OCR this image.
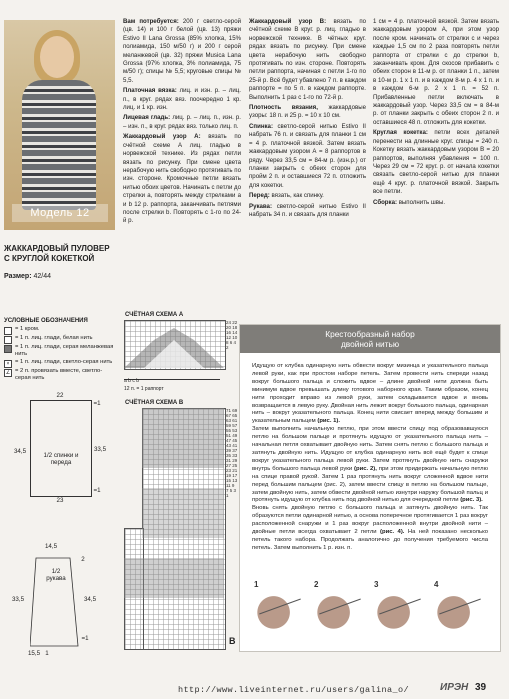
Модель 12
ЖАККАРДОВЫЙ ПУЛОВЕР С КРУГЛОЙ КОКЕТКОЙ
Размер: 42/44

Вам потребуется: 200 г светло-серой (цв. 14) и 100 г белой (цв. 13) пряжи Estivo II Lana Grossa (85% хлопка, 15% полиамида, 150 м/50 г) и 200 г серой меланжевой (цв. 32) пряжи Musica Lana Grossa (97% хлопка, 3% полиамида, 75 м/50 г); спицы № 5,5; круговые спицы № 5,5.

Платочная вязка: лиц. и изн. р. – лиц. п., в круг. рядах вяз. поочередно 1 кр. лиц. и 1 кр. изн.

Лицевая гладь: лиц. р. – лиц. п., изн. р. – изн. п., в круг. рядах вяз. только лиц. п.

Жаккардовый узор А: вязать по счётной схеме А лиц. гладью в норвежской технике. Из рядах петли вязать по рисунку. При смене цвета нерабочую нить свободно протягивать по изн. стороне. Кромочные петли вязать нитью обоих цветов. Начинать с петли до стрелки а, повторять между стрелками а и b 12 р. раппорта, заканчивать петлями после стрелки b. Повторять с 1-го по 24-й р.

Жаккардовый узор В: вязать по счётной схеме В круг. р. лиц. гладью в норвежской технике. В чётных круг. рядах вязать по рисунку. При смене цвета нерабочую нить свободно протягивать по изн. стороне. Повторять петли раппорта, начиная с петли 1-го по 25-й р. Всё будет убавлено 7 п. в каждом раппорте = по 5 п. в каждом раппорте. Выполнить 1 раз с 1-го по 72-й р.

Плотность вязания, жаккардовые узоры: 18 п. и 25 р. = 10 х 10 см.

Спинка: светло-серой нитью Estivo II набрать 76 п. и связать для планки 1 см = 4 р. платочной вязкой. Затем вязать жаккардовым узором А = 8 раппортов в ряду. Через 33,5 см = 84-м р. (изн.р.) от планки закрыть с обеих сторон для пройм 2 п. и оставшиеся 72 п. отложить для кокетки.

Перед: вязать, как спинку.

Рукава: светло-серой нитью Estivo II набрать 34 п. и связать для планки

1 см = 4 р. платочной вязкой. Затем вязать жаккардовым узором А, при этом узор после кром. начинать от стрелки с и через каждые 1,5 см по 2 раза повторять петли раппорта от стрелки с до стрелки b, заканчивать кром. Для скосов прибавить с обеих сторон в 11-м р. от планки 1 п., затем в 10-м р. 1 х 1 п. и в каждом 8-м р. 4 х 1 п. и в каждом 6-м р. 2 х 1 п. = 52 п. Прибавленные петли включать в жаккардовый узор. Через 33,5 см = в 84-м р. от планки закрыть с обеих сторон 2 п. и оставшиеся 48 п. отложить для кокетки.

Круглая кокетка: петли всех деталей перенести на длинные круг. спицы = 240 п. Кокетку вязать жаккардовым узором В = 20 раппортов, выполняя убавления = 100 п. Через 29 см = 72 круг. р. от начала кокетки связать светло-серой нитью для планки ещё 4 круг. р. платочной вязкой. Закрыть все петли.

Сборка: выполнить швы.

УСЛОВНЫЕ ОБОЗНАЧЕНИЯ
= 1 кром.
= 1 п. лиц. глади, белая нить
= 1 п. лиц. глади, серая меланжевая нить
× = 1 п. лиц. глади, светло-серая нить
∠ = 2 п. провязать вместе, светло-серая нить
СЧЁТНАЯ СХЕМА А
24 22 20 18 16 14 12 10 8 6 4 2
a b c b
12 п. = 1 раппорт
СЧЁТНАЯ СХЕМА В
71 69 67 65 63 61 59 57 55 53 51 49 47 45 43 41 39 37 35 33 31 29 27 25 23 21 19 17 15 13 11 9 7 5 3 1
B
22
34,5	33,5
1/2 спинки и переда
23
=1
=1
14,5
33,5	34,5
1/2 рукава
15,5 1
=1
2
Крестообразный набор
двойной нитью
Идущую от клубка одинарную нить обвести вокруг мизинца и указательного пальца левой руки, как при простом наборе петель. Затем провести нить спереди назад вокруг большого пальца и сложить вдвое – длине двойной нити должна быть минимум вдвое превышать длину готового наборного края. Таким образом, конец нити проходит вправо из левой руки, затем складывается вдвое и вновь возвращается в левую руку. Двойная нить лежит вокруг большого пальца, одинарная нить – вокруг указательного пальца. Конец нити свисает вперед между большим и указательным пальцем (рис. 1).
Затем выполнить начальную петлю, при этом ввести спицу под образовавшуюся петлю на большом пальце и протянуть идущую от указательного пальца нить – начальная петля охватывает двойную нить. Затем снять петлю с большого пальца и затянуть двойную нить. Идущую от клубка одинарную нить всё ещё будет к спице вокруг указательного пальца левой руки. Затем протянуть двойную нить снаружи внутрь большого пальца левой руки (рис. 2), при этом придержать начальную петлю на спице правой рукой. Затем 1 раз протянуть нить вокруг сложенной вдвое нити перед большим пальцем (рис. 2), затем ввести спицу в петлю на большом пальце, затем двойную нить, затем обвести двойной нитью изнутри наружу большой пальц и протянуть идущую от клубка нить под двойной нитью для очередной петли (рис. 3).
Вновь снять двойную петлю с большого пальца и затянуть двойную нить. Так образуются петли одинарной нитью, а основа поперечное протягивается 1 раз вокруг расположенной снаружи и 1 раз вокруг расположенной внутри двойной нити – двойные петли всегда охватывает 2 петли (рис. 4). На ней показано несколько петель такого набора. Продолжать аналогично до получения требуемого числа петель. Затем выполнить 1 р. изн. п.
1	2	3	4
http://www.liveinternet.ru/users/galina_o/	ИРЭН 39
